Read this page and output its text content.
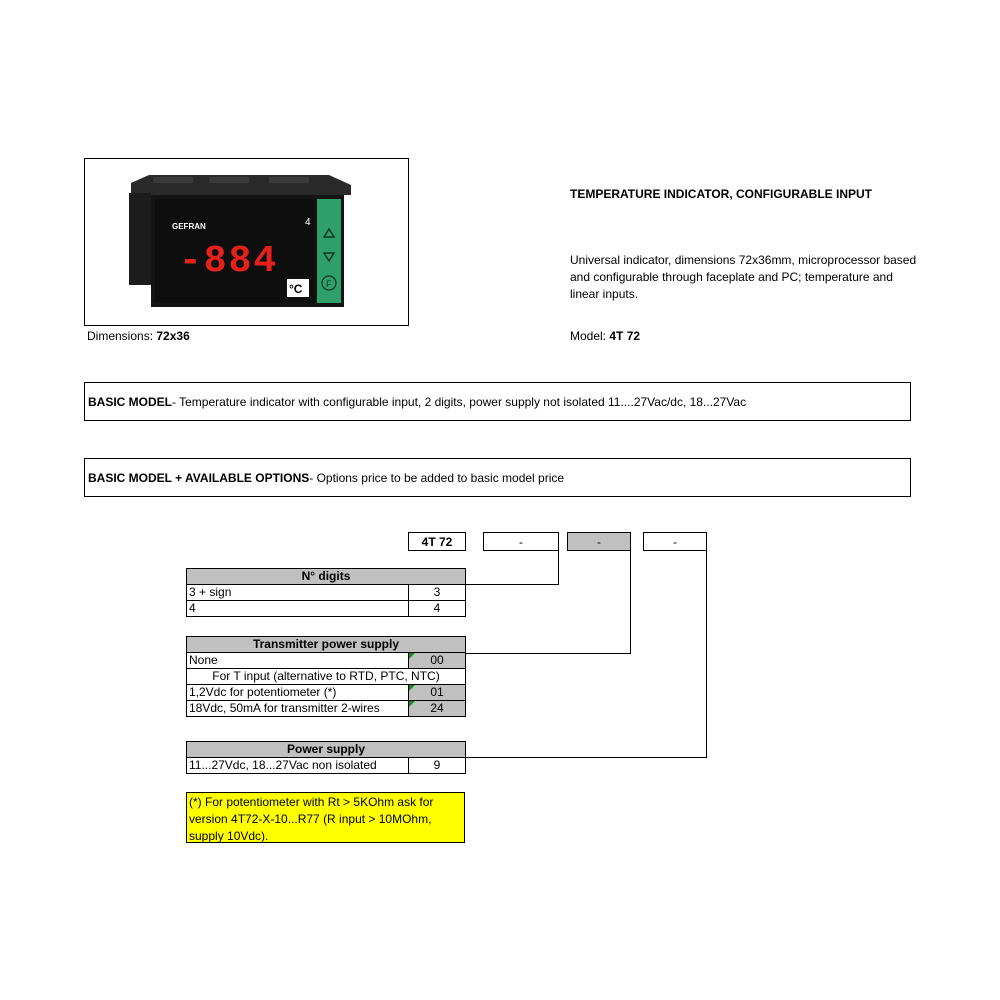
GEFRAN	4
-884
°C	F
Dimensions: 72x36
TEMPERATURE INDICATOR, CONFIGURABLE INPUT
Universal indicator, dimensions 72x36mm, microprocessor based and configurable through faceplate and PC; temperature and linear inputs.
Model: 4T 72
BASIC MODEL - Temperature indicator with configurable input, 2 digits, power supply not isolated 11....27Vac/dc, 18...27Vac
BASIC MODEL + AVAILABLE OPTIONS - Options price to be added to basic model price
4T 72	-	-	-
N° digits	
3 + sign	3
4	4
Transmitter power supply	
None	00
For T input (alternative to RTD, PTC, NTC)	
1,2Vdc for potentiometer (*)	01
18Vdc, 50mA for transmitter 2-wires	24
Power supply
11...27Vdc, 18...27Vac non isolated	9
(*) For potentiometer with Rt > 5KOhm ask for version 4T72-X-10...R77 (R input > 10MOhm, supply 10Vdc).
